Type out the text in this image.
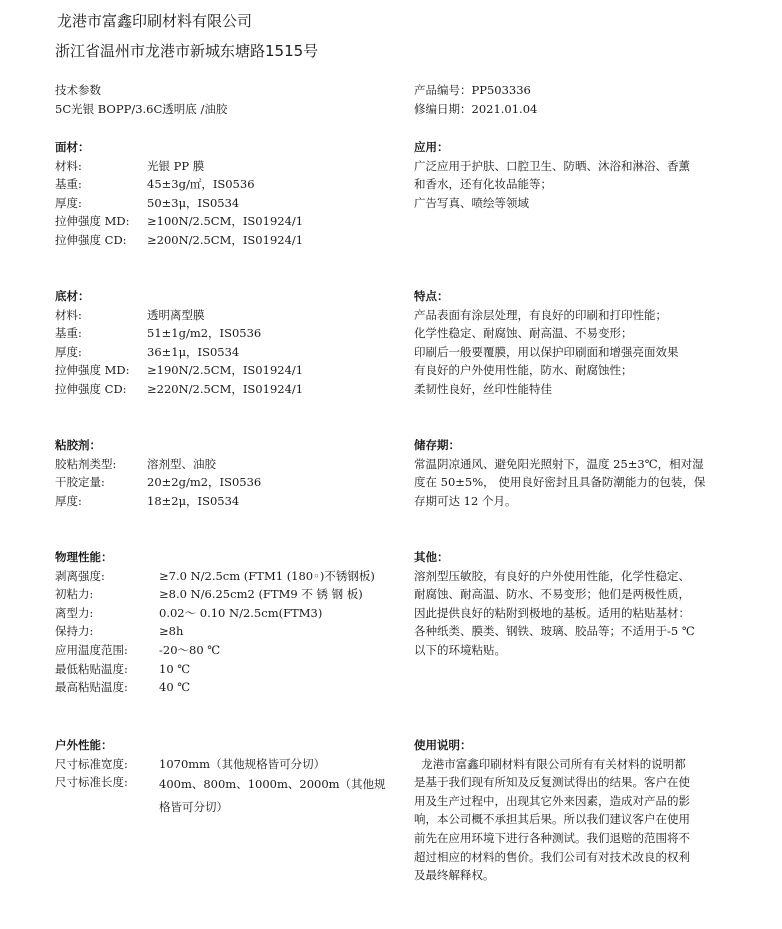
龙港市富鑫印刷材料有限公司
浙江省温州市龙港市新城东塘路1515号
技术参数
5C光银 BOPP/3.6C透明底 /油胶
产品编号：PP503336
修编日期：2021.01.04
面材：
材料:	光银 PP 膜
基重:	45±3g/㎡，IS0536
厚度:	50±3μ，IS0534
拉伸强度 MD:	≥100N/2.5CM，IS01924/1
拉伸强度 CD:	≥200N/2.5CM，IS01924/1
应用：
广泛应用于护肤、口腔卫生、防晒、沐浴和淋浴、香薰
和香水，还有化妆品能等；
广告写真、喷绘等领域
底材：
材料:	透明离型膜
基重:	51±1g/m2，IS0536
厚度:	36±1μ，IS0534
拉伸强度 MD:	≥190N/2.5CM，IS01924/1
拉伸强度 CD:	≥220N/2.5CM，IS01924/1
特点：
产品表面有涂层处理，有良好的印刷和打印性能；
化学性稳定、耐腐蚀、耐高温、不易变形；
印刷后一般要覆膜，用以保护印刷面和增强亮面效果
有良好的户外使用性能，防水、耐腐蚀性；
柔韧性良好，丝印性能特佳
粘胶剂：
胶粘剂类型:	溶剂型、油胶
干胶定量:	20±2g/m2，IS0536
厚度:	18±2μ，IS0534
储存期：
常温阴凉通风、避免阳光照射下，温度 25±3℃，相对湿
度在 50±5%， 使用良好密封且具备防潮能力的包装，保
存期可达 12 个月。
物理性能：
剥离强度:	≥7.0 N/2.5cm (FTM1 (180◦)不锈钢板)
初粘力:	≥8.0 N/6.25cm2 (FTM9 不 锈 钢 板)
离型力:	0.02～ 0.10 N/2.5cm(FTM3)
保持力:	≥8h
应用温度范围:	-20～80 ℃
最低粘贴温度:	10 ℃
最高粘贴温度:	40 ℃
其他：
溶剂型压敏胶，有良好的户外使用性能，化学性稳定、
耐腐蚀、耐高温、防水、不易变形；他们是两极性质，
因此提供良好的粘附到极地的基板。适用的粘贴基材：
各种纸类、膜类、钢铁、玻璃、胶品等；不适用于-5 ℃
以下的环境粘贴。
户外性能：
尺寸标准宽度:	1070mm（其他规格皆可分切）
尺寸标准长度:	400m、800m、1000m、2000m（其他规格皆可分切）
使用说明：
龙港市富鑫印刷材料有限公司所有有关材料的说明都
是基于我们现有所知及反复测试得出的结果。客户在使
用及生产过程中，出现其它外来因素，造成对产品的影
响，本公司概不承担其后果。所以我们建议客户在使用
前先在应用环境下进行各种测试。我们退赔的范围将不
超过相应的材料的售价。我们公司有对技术改良的权利
及最终解释权。
